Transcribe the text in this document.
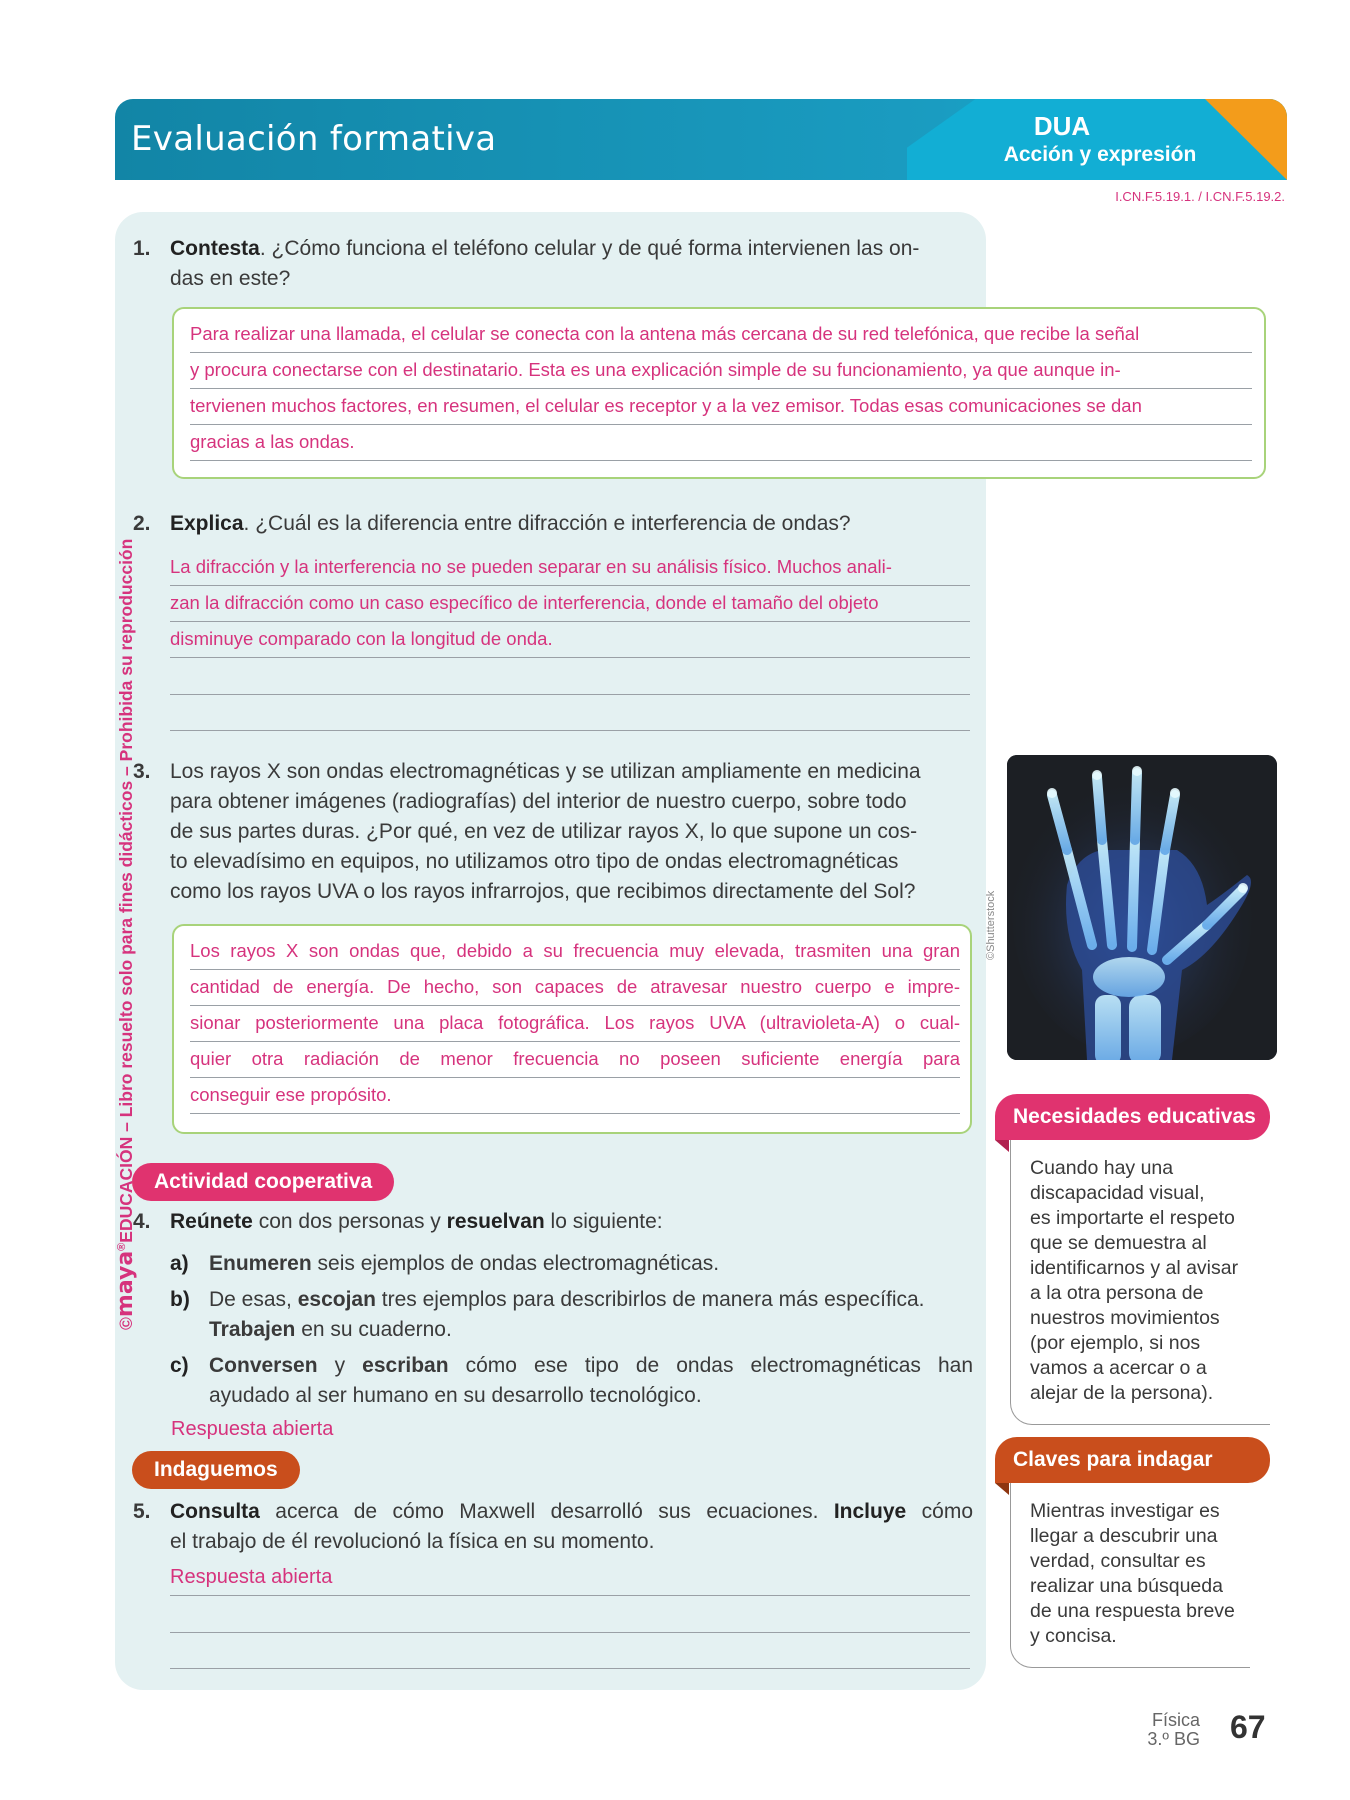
Evaluación formativa	DUA
Acción y expresión
I.CN.F.5.19.1. / I.CN.F.5.19.2.
1. Contesta. ¿Cómo funciona el teléfono celular y de qué forma intervienen las on-
das en este?
Para realizar una llamada, el celular se conecta con la antena más cercana de su red telefónica, que recibe la señal
y procura conectarse con el destinatario. Esta es una explicación simple de su funcionamiento, ya que aunque in-
tervienen muchos factores, en resumen, el celular es receptor y a la vez emisor. Todas esas comunicaciones se dan
gracias a las ondas.
2. Explica. ¿Cuál es la diferencia entre difracción e interferencia de ondas?
La difracción y la interferencia no se pueden separar en su análisis físico. Muchos anali-
zan la difracción como un caso específico de interferencia, donde el tamaño del objeto
disminuye comparado con la longitud de onda.
3. Los rayos X son ondas electromagnéticas y se utilizan ampliamente en medicina
para obtener imágenes (radiografías) del interior de nuestro cuerpo, sobre todo
de sus partes duras. ¿Por qué, en vez de utilizar rayos X, lo que supone un cos-
to elevadísimo en equipos, no utilizamos otro tipo de ondas electromagnéticas
como los rayos UVA o los rayos infrarrojos, que recibimos directamente del Sol?
Los rayos X son ondas que, debido a su frecuencia muy elevada, trasmiten una gran
cantidad de energía. De hecho, son capaces de atravesar nuestro cuerpo e impre-
sionar posteriormente una placa fotográfica. Los rayos UVA (ultravioleta-A) o cual-
quier otra radiación de menor frecuencia no poseen suficiente energía para
conseguir ese propósito.
Actividad cooperativa
4. Reúnete con dos personas y resuelvan lo siguiente:
a) Enumeren seis ejemplos de ondas electromagnéticas.
b) De esas, escojan tres ejemplos para describirlos de manera más específica.
Trabajen en su cuaderno.
c) Conversen y escriban cómo ese tipo de ondas electromagnéticas han
ayudado al ser humano en su desarrollo tecnológico.
Respuesta abierta
Indaguemos
5. Consulta acerca de cómo Maxwell desarrolló sus ecuaciones. Incluye cómo
el trabajo de él revolucionó la física en su momento.
Respuesta abierta
©Shutterstock
Necesidades educativas
Cuando hay una
discapacidad visual,
es importarte el respeto
que se demuestra al
identificarnos y al avisar
a la otra persona de
nuestros movimientos
(por ejemplo, si nos
vamos a acercar o a
alejar de la persona).
Claves para indagar
Mientras investigar es
llegar a descubrir una
verdad, consultar es
realizar una búsqueda
de una respuesta breve
y concisa.
©maya®EDUCACIÓN – Libro resuelto solo para fines didácticos – Prohibida su reproducción
Física
3.º BG 67
